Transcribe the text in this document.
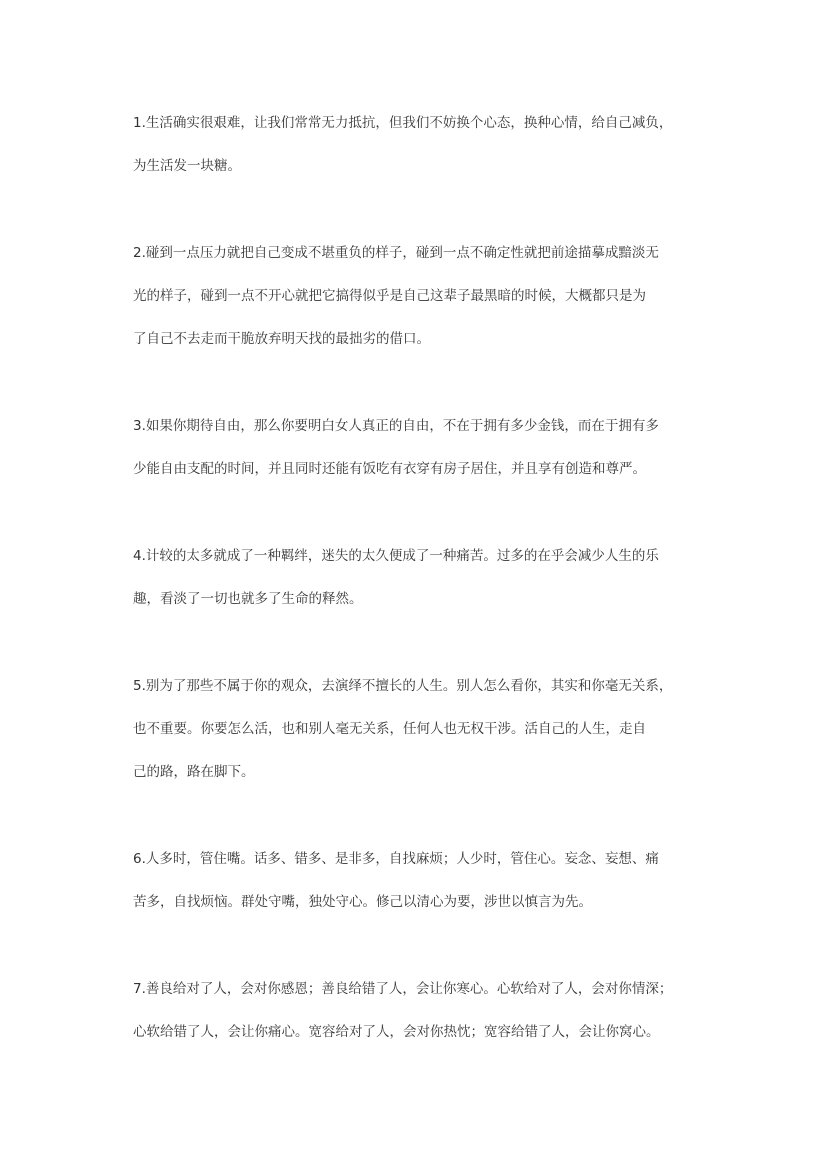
1.生活确实很艰难，让我们常常无力抵抗，但我们不妨换个心态，换种心情，给自己减负，
为生活发一块糖。
2.碰到一点压力就把自己变成不堪重负的样子，碰到一点不确定性就把前途描摹成黯淡无
光的样子，碰到一点不开心就把它搞得似乎是自己这辈子最黑暗的时候，大概都只是为
了自己不去走而干脆放弃明天找的最拙劣的借口。
3.如果你期待自由，那么你要明白女人真正的自由，不在于拥有多少金钱，而在于拥有多
少能自由支配的时间，并且同时还能有饭吃有衣穿有房子居住，并且享有创造和尊严。
4.计较的太多就成了一种羁绊，迷失的太久便成了一种痛苦。过多的在乎会减少人生的乐
趣，看淡了一切也就多了生命的释然。
5.别为了那些不属于你的观众，去演绎不擅长的人生。别人怎么看你，其实和你毫无关系，
也不重要。你要怎么活，也和别人毫无关系，任何人也无权干涉。活自己的人生，走自
己的路，路在脚下。
6.人多时，管住嘴。话多、错多、是非多，自找麻烦；人少时，管住心。妄念、妄想、痛
苦多，自找烦恼。群处守嘴，独处守心。修己以清心为要，涉世以慎言为先。
7.善良给对了人，会对你感恩；善良给错了人，会让你寒心。心软给对了人，会对你情深；
心软给错了人，会让你痛心。宽容给对了人，会对你热忱；宽容给错了人，会让你窝心。
